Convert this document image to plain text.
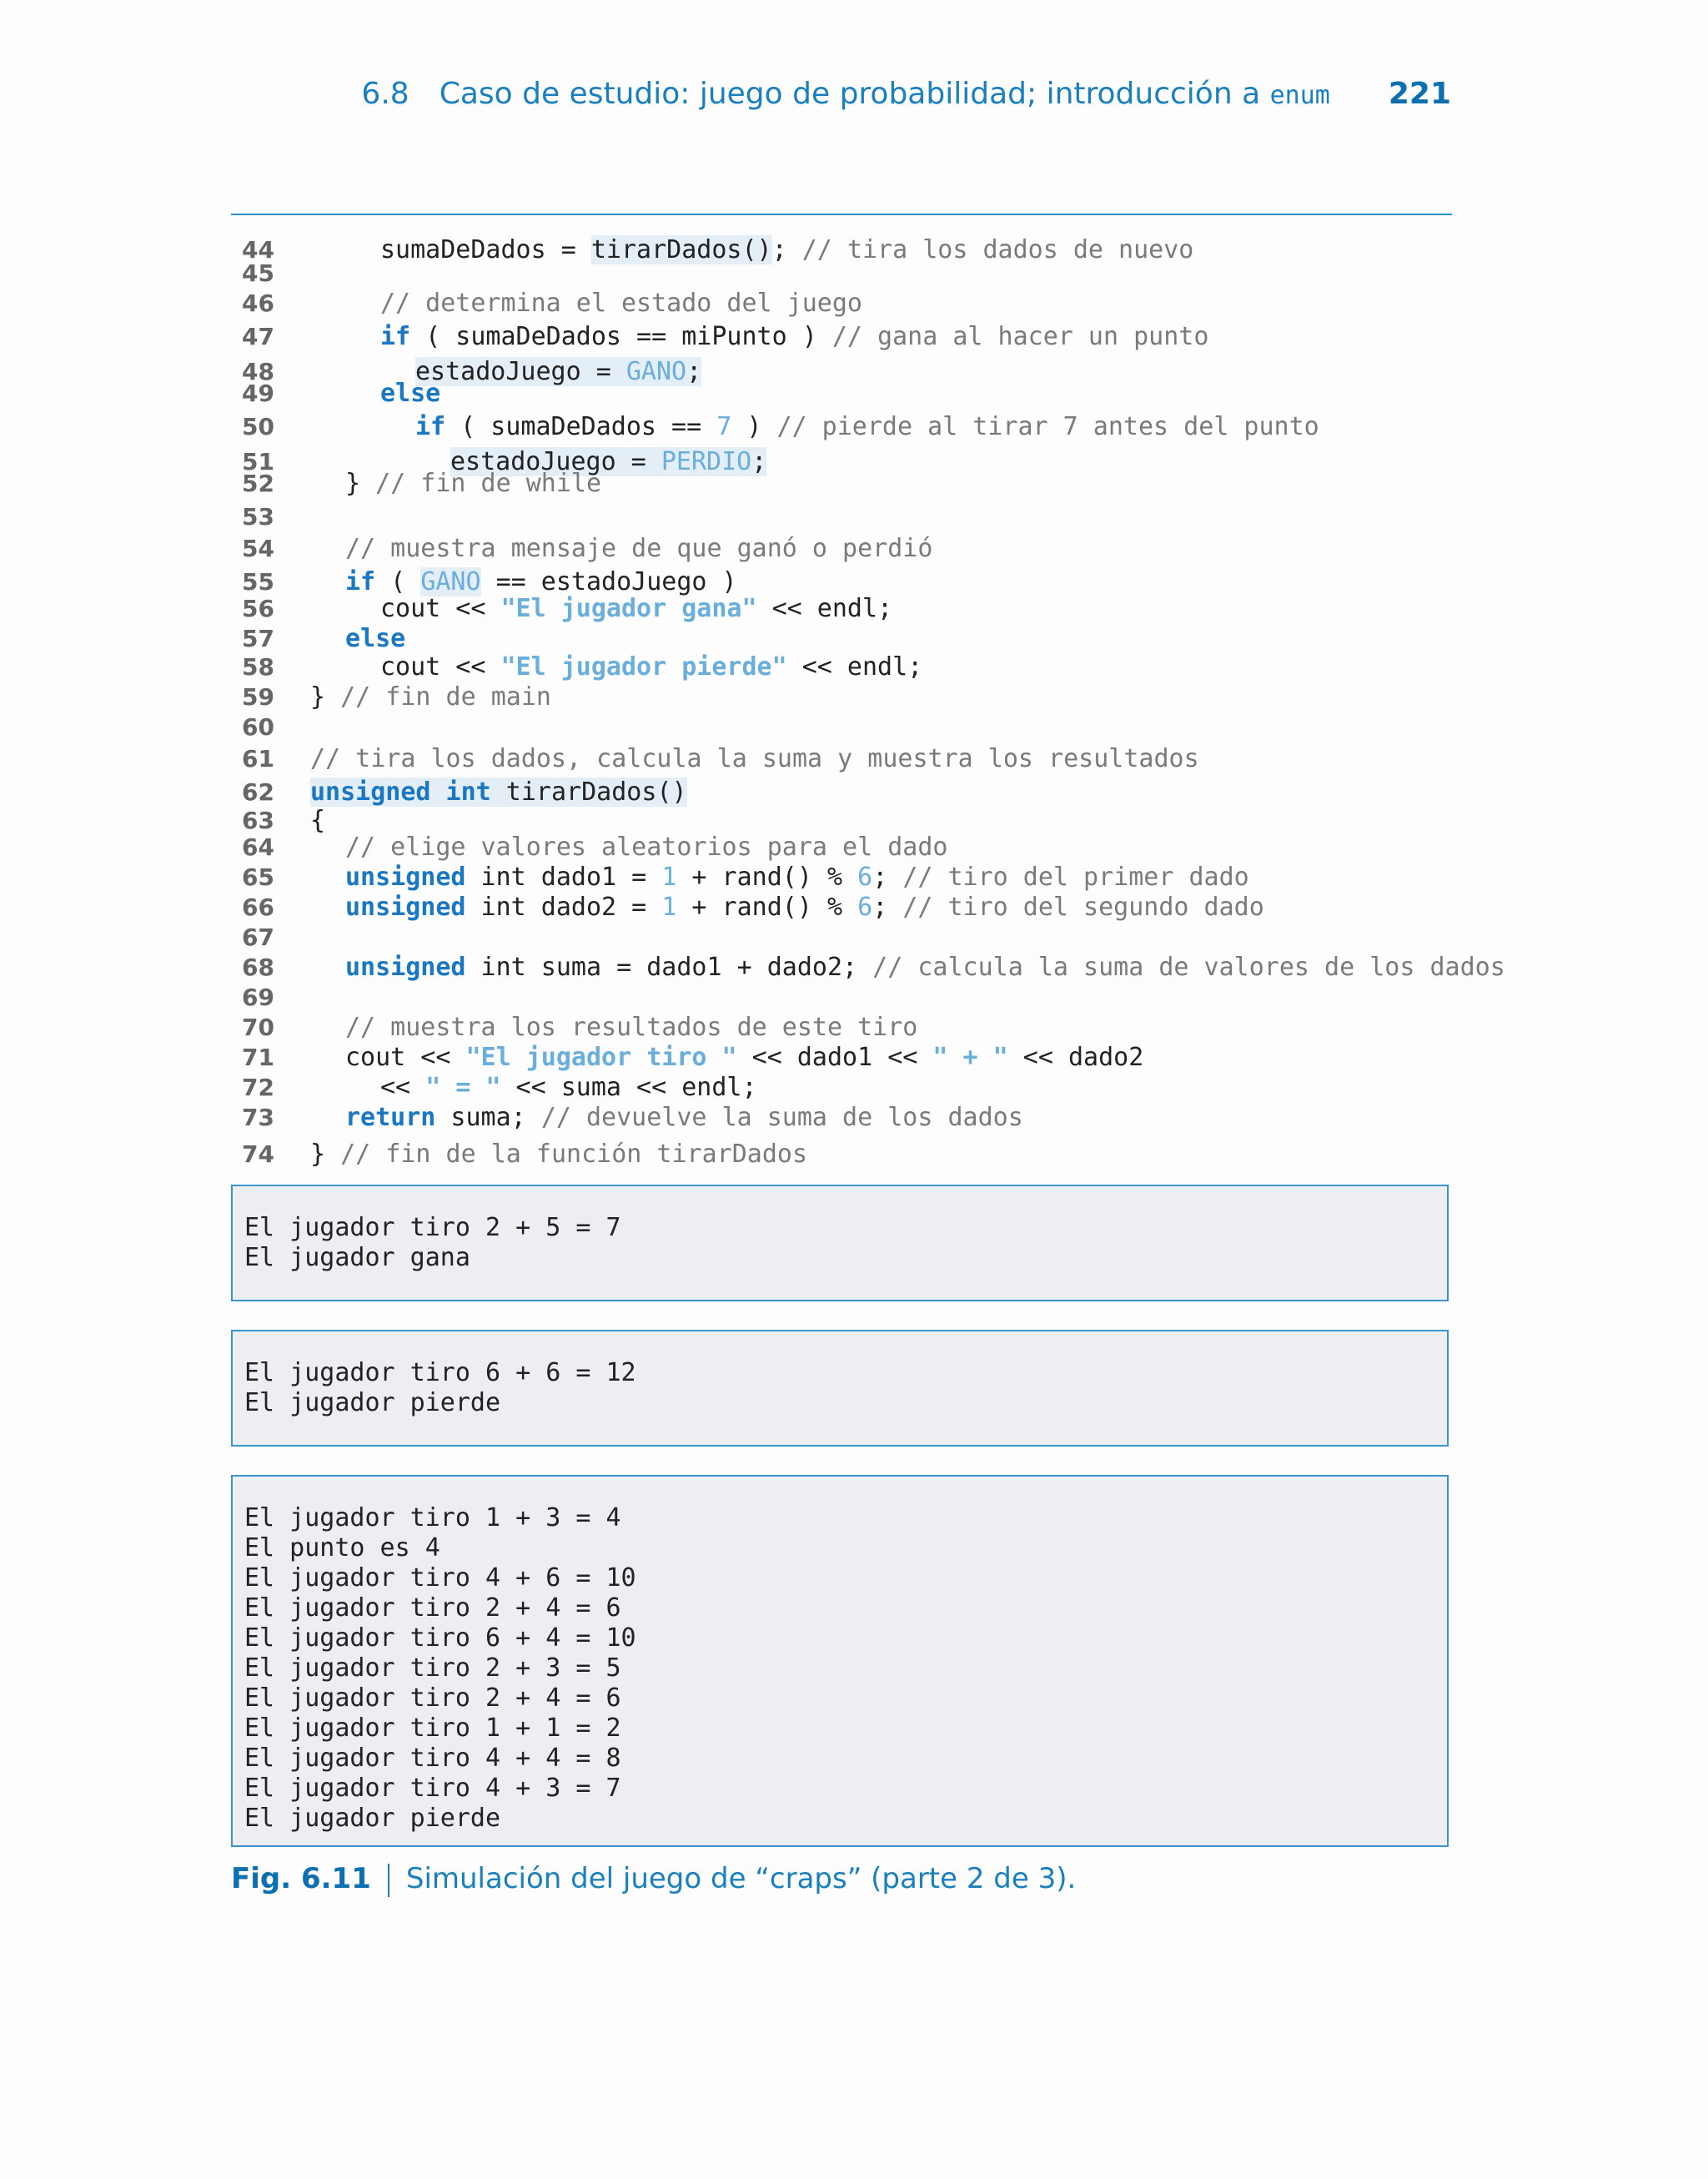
6.8 Caso de estudio: juego de probabilidad; introducción a enum 221
44	sumaDeDados = tirarDados(); // tira los dados de nuevo
45
46	// determina el estado del juego
47	if ( sumaDeDados == miPunto ) // gana al hacer un punto
48	estadoJuego = GANO;
49	else
50	if ( sumaDeDados == 7 ) // pierde al tirar 7 antes del punto
51	estadoJuego = PERDIO;
52	} // fin de while
53
54	// muestra mensaje de que ganó o perdió
55	if ( GANO == estadoJuego )
56	cout << "El jugador gana" << endl;
57	else
58	cout << "El jugador pierde" << endl;
59	} // fin de main
60
61	// tira los dados, calcula la suma y muestra los resultados
62	unsigned int tirarDados()
63	{
64	// elige valores aleatorios para el dado
65	unsigned int dado1 = 1 + rand() % 6; // tiro del primer dado
66	unsigned int dado2 = 1 + rand() % 6; // tiro del segundo dado
67
68	unsigned int suma = dado1 + dado2; // calcula la suma de valores de los dados
69
70	// muestra los resultados de este tiro
71	cout << "El jugador tiro " << dado1 << " + " << dado2
72	<< " = " << suma << endl;
73	return suma; // devuelve la suma de los dados
74	} // fin de la función tirarDados
El jugador tiro 2 + 5 = 7
El jugador gana
El jugador tiro 6 + 6 = 12
El jugador pierde
El jugador tiro 1 + 3 = 4
El punto es 4
El jugador tiro 4 + 6 = 10
El jugador tiro 2 + 4 = 6
El jugador tiro 6 + 4 = 10
El jugador tiro 2 + 3 = 5
El jugador tiro 2 + 4 = 6
El jugador tiro 1 + 1 = 2
El jugador tiro 4 + 4 = 8
El jugador tiro 4 + 3 = 7
El jugador pierde
Fig. 6.11 Simulación del juego de “craps” (parte 2 de 3).
